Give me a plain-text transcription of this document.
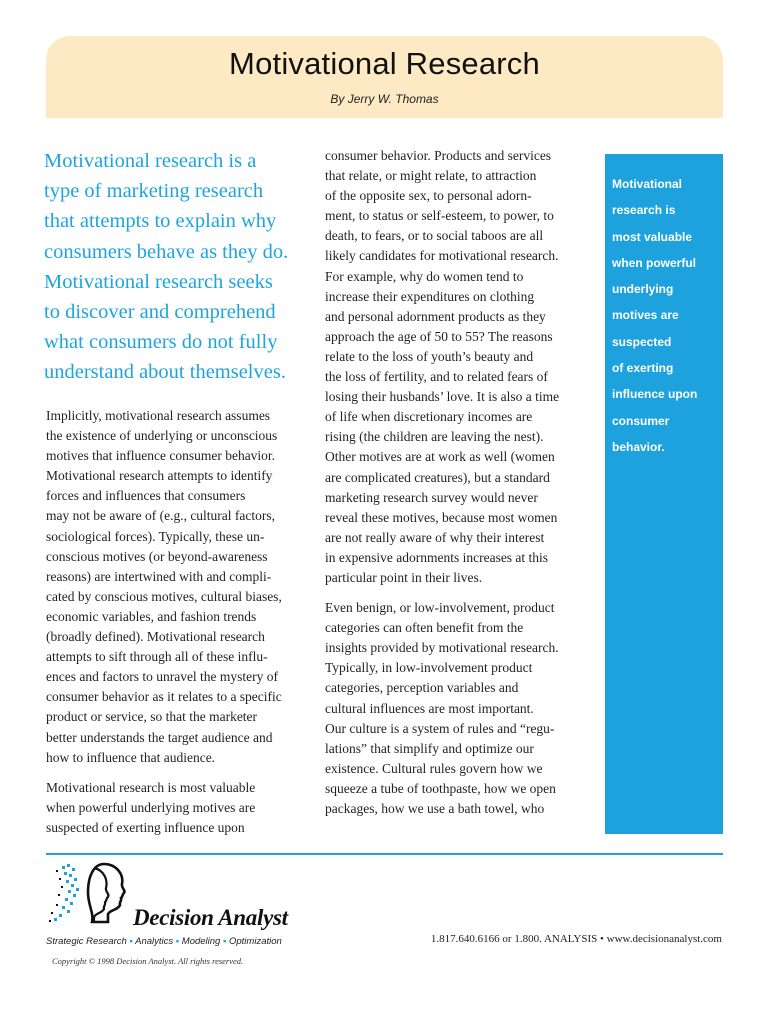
Motivational Research
By Jerry W. Thomas
Motivational research is a
type of marketing research
that attempts to explain why
consumers behave as they do.
Motivational research seeks
to discover and comprehend
what consumers do not fully
understand about themselves.

Implicitly, motivational research assumes
the existence of underlying or unconscious
motives that influence consumer behavior.
Motivational research attempts to identify
forces and influences that consumers
may not be aware of (e.g., cultural factors,
sociological forces). Typically, these un-
conscious motives (or beyond-awareness
reasons) are intertwined with and compli-
cated by conscious motives, cultural biases,
economic variables, and fashion trends
(broadly defined). Motivational research
attempts to sift through all of these influ-
ences and factors to unravel the mystery of
consumer behavior as it relates to a specific
product or service, so that the marketer
better understands the target audience and
how to influence that audience.

Motivational research is most valuable
when powerful underlying motives are
suspected of exerting influence upon

consumer behavior. Products and services
that relate, or might relate, to attraction
of the opposite sex, to personal adorn-
ment, to status or self-esteem, to power, to
death, to fears, or to social taboos are all
likely candidates for motivational research.
For example, why do women tend to
increase their expenditures on clothing
and personal adornment products as they
approach the age of 50 to 55? The reasons
relate to the loss of youth’s beauty and
the loss of fertility, and to related fears of
losing their husbands’ love. It is also a time
of life when discretionary incomes are
rising (the children are leaving the nest).
Other motives are at work as well (women
are complicated creatures), but a standard
marketing research survey would never
reveal these motives, because most women
are not really aware of why their interest
in expensive adornments increases at this
particular point in their lives.

Even benign, or low-involvement, product
categories can often benefit from the
insights provided by motivational research.
Typically, in low-involvement product
categories, perception variables and
cultural influences are most important.
Our culture is a system of rules and “regu-
lations” that simplify and optimize our
existence. Cultural rules govern how we
squeeze a tube of toothpaste, how we open
packages, how we use a bath towel, who

Motivational
research is
most valuable
when powerful
underlying
motives are
suspected
of exerting
influence upon
consumer
behavior.

Decision Analyst
Strategic Research ▪ Analytics ▪ Modeling ▪ Optimization	1.817.640.6166 or 1.800. ANALYSIS • www.decisionanalyst.com
Copyright © 1998 Decision Analyst. All rights reserved.
